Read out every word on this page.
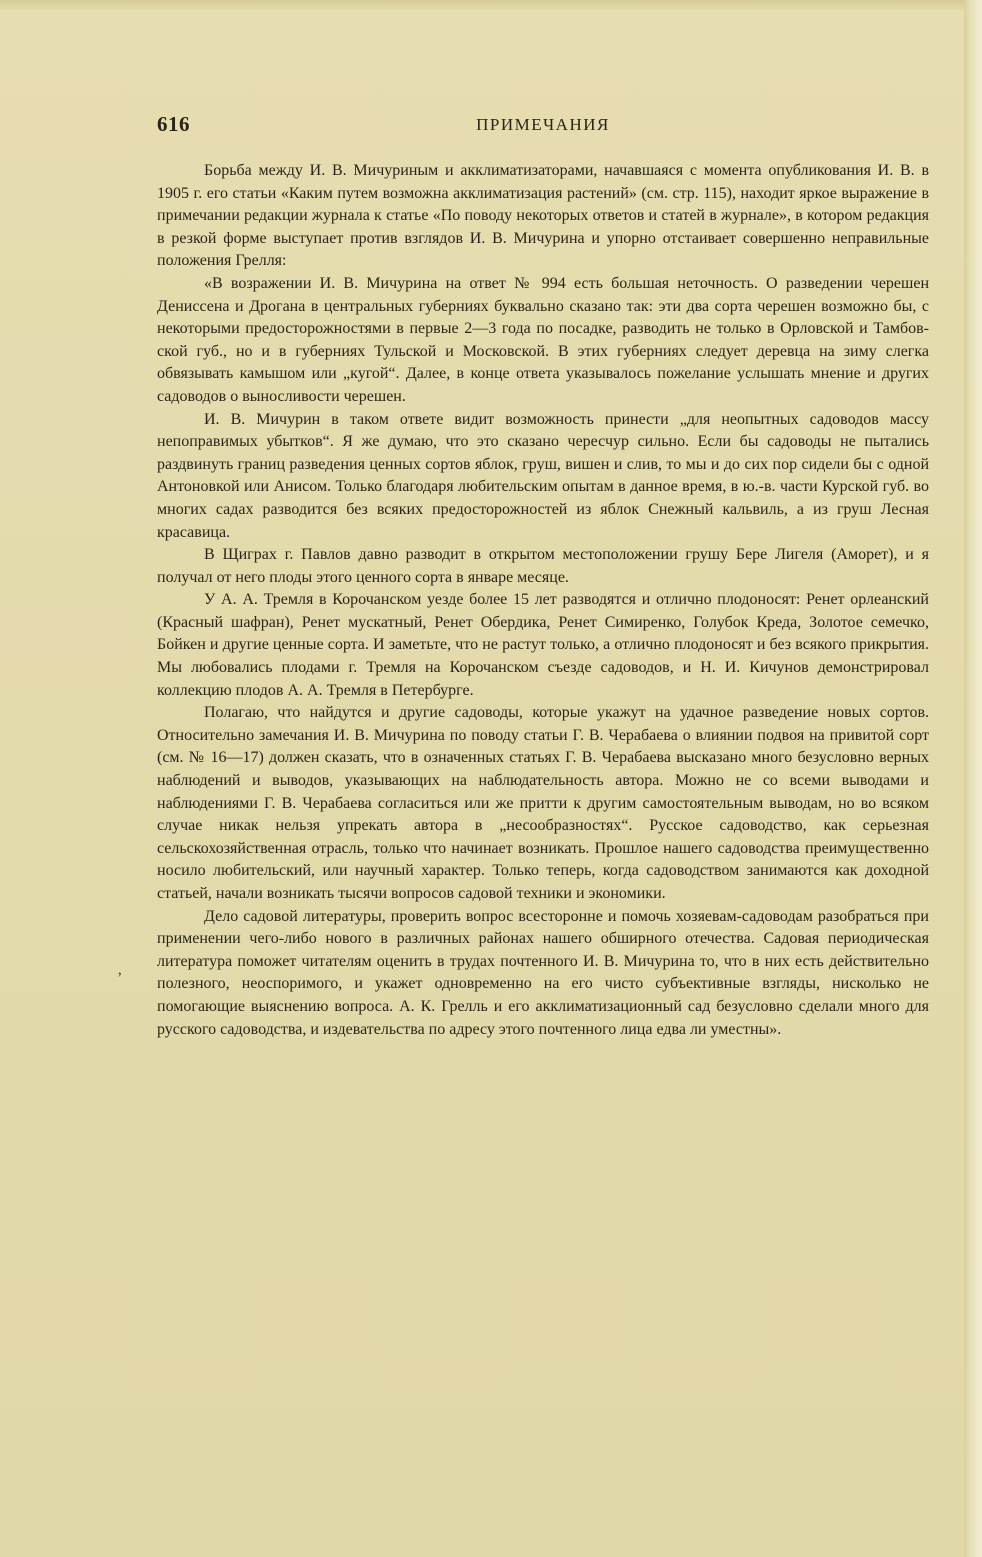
616	ПРИМЕЧАНИЯ

Борьба между И. В. Мичуриным и акклиматизаторами, начавшаяся с момента опубликования И. В. в 1905 г. его статьи «Каким путем возможна акклиматизация растений» (см. стр. 115), находит яркое выражение в примечании редакции журнала к статье «По поводу некоторых ответов и статей в журнале», в котором редакция в резкой форме выступает против взглядов И. В. Мичурина и упорно отстаивает совершенно неправильные положения Грелля:

«В возражении И. В. Мичурина на ответ № 994 есть большая неточность. О разведении черешен Дениссена и Дрогана в центральных губерниях буквально сказано так: эти два сорта черешен возможно бы, с некоторыми предосторожностями в первые 2—3 года по посадке, разводить не только в Орловской и Тамбовской губ., но и в губерниях Тульской и Московской. В этих губерниях следует деревца на зиму слегка обвязывать камышом или „кугой“. Далее, в конце ответа указывалось пожелание услышать мнение и других садоводов о выносливости черешен.

И. В. Мичурин в таком ответе видит возможность принести „для неопытных садоводов массу непоправимых убытков“. Я же думаю, что это сказано чересчур сильно. Если бы садоводы не пытались раздвинуть границ разведения ценных сортов яблок, груш, вишен и слив, то мы и до сих пор сидели бы с одной Антоновкой или Анисом. Только благодаря любительским опытам в данное время, в ю.-в. части Курской губ. во многих садах разводится без всяких предосторожностей из яблок Снежный кальвиль, а из груш Лесная красавица.

В Щиграх г. Павлов давно разводит в открытом местоположении грушу Бере Лигеля (Аморет), и я получал от него плоды этого ценного сорта в январе месяце.

У А. А. Тремля в Корочанском уезде более 15 лет разводятся и отлично плодоносят: Ренет орлеанский (Красный шафран), Ренет мускатный, Ренет Обердика, Ренет Симиренко, Голубок Креда, Золотое семечко, Бойкен и другие ценные сорта. И заметьте, что не растут только, а отлично плодоносят и без всякого прикрытия. Мы любовались плодами г. Тремля на Корочанском съезде садоводов, и Н. И. Кичунов демонстрировал коллекцию плодов А. А. Тремля в Петербурге.

Полагаю, что найдутся и другие садоводы, которые укажут на удачное разведение новых сортов. Относительно замечания И. В. Мичурина по поводу статьи Г. В. Черабаева о влиянии подвоя на привитой сорт (см. № 16—17) должен сказать, что в означенных статьях Г. В. Черабаева высказано много безусловно верных наблюдений и выводов, указывающих на наблюдательность автора. Можно не со всеми выводами и наблюдениями Г. В. Черабаева согласиться или же притти к другим самостоятельным выводам, но во всяком случае никак нельзя упрекать автора в „несообразностях“. Русское садоводство, как серьезная сельскохозяйственная отрасль, только что начинает возникать. Прошлое нашего садоводства преимущественно носило любительский, или научный характер. Только теперь, когда садоводством занимаются как доходной статьей, начали возникать тысячи вопросов садовой техники и экономики.

Дело садовой литературы, проверить вопрос всесторонне и помочь хозяевам-садоводам разобраться при применении чего-либо нового в различных районах нашего обширного отечества. Садовая периодическая литература поможет читателям оценить в трудах почтенного И. В. Мичурина то, что в них есть действительно полезного, неоспоримого, и укажет одновременно на его чисто субъективные взгляды, нисколько не помогающие выяснению вопроса. А. К. Грелль и его акклиматизационный сад безусловно сделали много для русского садоводства, и издевательства по адресу этого почтенного лица едва ли уместны».

ʼ
